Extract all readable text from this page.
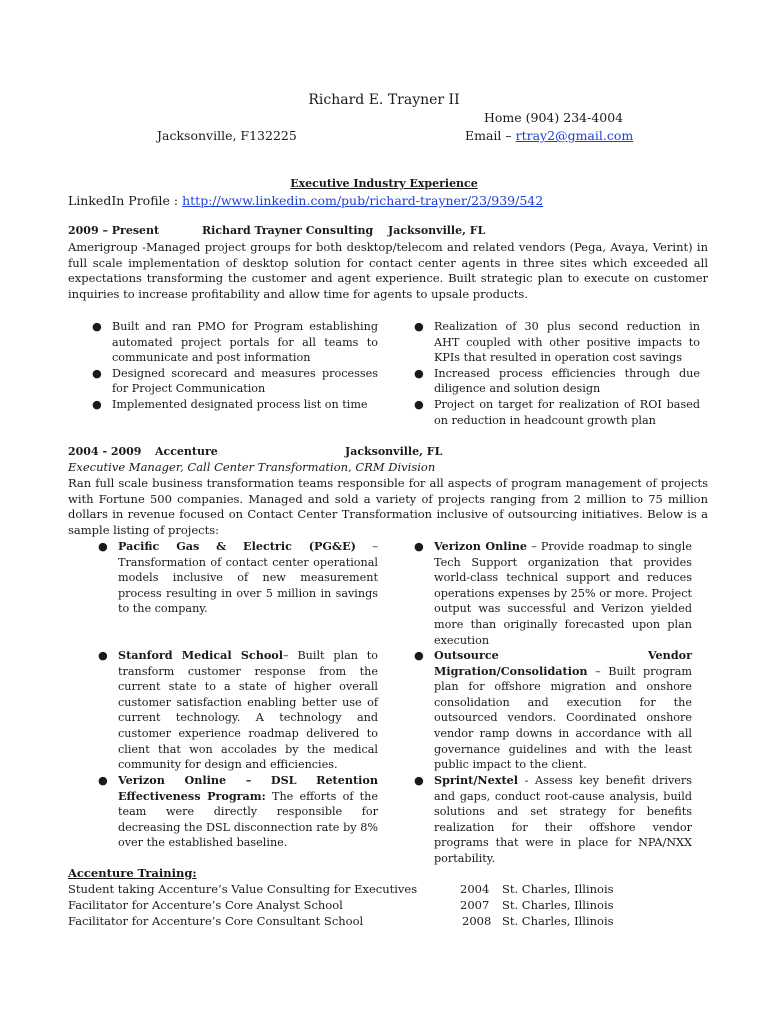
Richard E. Trayner II
Home (904) 234-4004
Jacksonville, F132225	Email – rtray2@gmail.com
Executive Industry Experience
LinkedIn Profile : http://www.linkedin.com/pub/richard-trayner/23/939/542
2009 – Present	Richard Trayner Consulting Jacksonville, FL
Amerigroup -Managed project groups for both desktop/telecom and related vendors (Pega, Avaya, Verint) in full scale implementation of desktop solution for contact center agents in three sites which exceeded all expectations transforming the customer and agent experience. Built strategic plan to execute on customer inquiries to increase profitability and allow time for agents to upsale products.
● Built and ran PMO for Program establishing automated project portals for all teams to communicate and post information
● Designed scorecard and measures processes for Project Communication
● Implemented designated process list on time
● Realization of 30 plus second reduction in AHT coupled with other positive impacts to KPIs that resulted in operation cost savings
● Increased process efficiencies through due diligence and solution design
● Project on target for realization of ROI based on reduction in headcount growth plan
2004 - 2009 Accenture	Jacksonville, FL
Executive Manager, Call Center Transformation, CRM Division
Ran full scale business transformation teams responsible for all aspects of program management of projects with Fortune 500 companies. Managed and sold a variety of projects ranging from 2 million to 75 million dollars in revenue focused on Contact Center Transformation inclusive of outsourcing initiatives. Below is a sample listing of projects:
● Pacific Gas & Electric (PG&E) – Transformation of contact center operational models inclusive of new measurement process resulting in over 5 million in savings to the company.
● Stanford Medical School– Built plan to transform customer response from the current state to a state of higher overall customer satisfaction enabling better use of current technology. A technology and customer experience roadmap delivered to client that won accolades by the medical community for design and efficiencies.
● Verizon Online – DSL Retention Effectiveness Program: The efforts of the team were directly responsible for decreasing the DSL disconnection rate by 8% over the established baseline.
● Verizon Online – Provide roadmap to single Tech Support organization that provides world-class technical support and reduces operations expenses by 25% or more. Project output was successful and Verizon yielded more than originally forecasted upon plan execution
● Outsource Vendor Migration/Consolidation – Built program plan for offshore migration and onshore consolidation and execution for the outsourced vendors. Coordinated onshore vendor ramp downs in accordance with all governance guidelines and with the least public impact to the client.
● Sprint/Nextel - Assess key benefit drivers and gaps, conduct root-cause analysis, build solutions and set strategy for benefits realization for their offshore vendor programs that were in place for NPA/NXX portability.
Accenture Training:
Student taking Accenture’s Value Consulting for Executives	2004 St. Charles, Illinois
Facilitator for Accenture’s Core Analyst School	2007 St. Charles, Illinois
Facilitator for Accenture’s Core Consultant School	2008 St. Charles, Illinois
